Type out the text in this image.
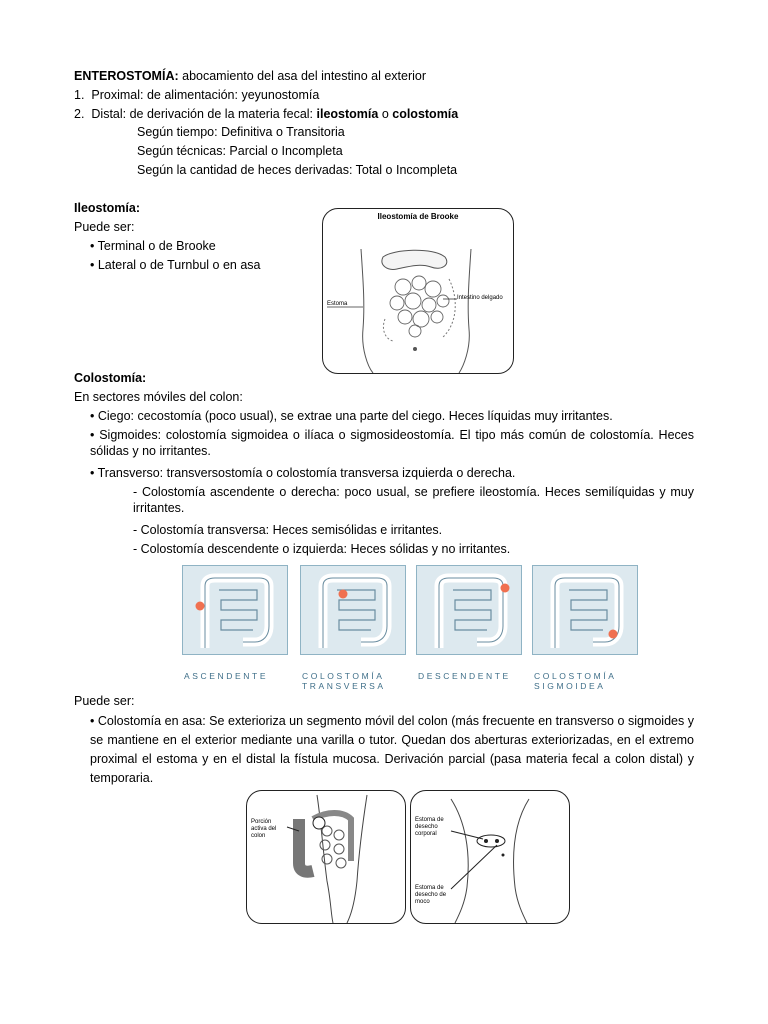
ENTEROSTOMÍA: abocamiento del asa del intestino al exterior
1. Proximal: de alimentación: yeyunostomía
2. Distal: de derivación de la materia fecal: ileostomía o colostomía
Según tiempo: Definitiva o Transitoria
Según técnicas: Parcial o Incompleta
Según la cantidad de heces derivadas: Total o Incompleta
Ileostomía:
Puede ser:
• Terminal o de Brooke
• Lateral o de Turnbul o en asa
Ileostomía de Brooke
Estoma
Intestino delgado
Colostomía:
En sectores móviles del colon:
• Ciego: cecostomía (poco usual), se extrae una parte del ciego. Heces líquidas muy irritantes.
• Sigmoides: colostomía sigmoidea o ilíaca o sigmosideostomía. El tipo más común de colostomía. Heces sólidas y no irritantes.
• Transverso: transversostomía o colostomía transversa izquierda o derecha.
- Colostomía ascendente o derecha: poco usual, se prefiere ileostomía. Heces semilíquidas y muy irritantes.
- Colostomía transversa: Heces semisólidas e irritantes.
- Colostomía descendente o izquierda: Heces sólidas y no irritantes.
ASCENDENTE	COLOSTOMÍA
TRANSVERSA
DESCENDENTE	COLOSTOMÍA
SIGMOIDEA
Puede ser:
• Colostomía en asa: Se exterioriza un segmento móvil del colon (más frecuente en transverso o sigmoides y se mantiene en el exterior mediante una varilla o tutor. Quedan dos aberturas exteriorizadas, en el extremo proximal el estoma y en el distal la fístula mucosa. Derivación parcial (pasa materia fecal a colon distal) y temporaria.
Porción activa del colon
Estoma de desecho corporal
Estoma de desecho de moco
